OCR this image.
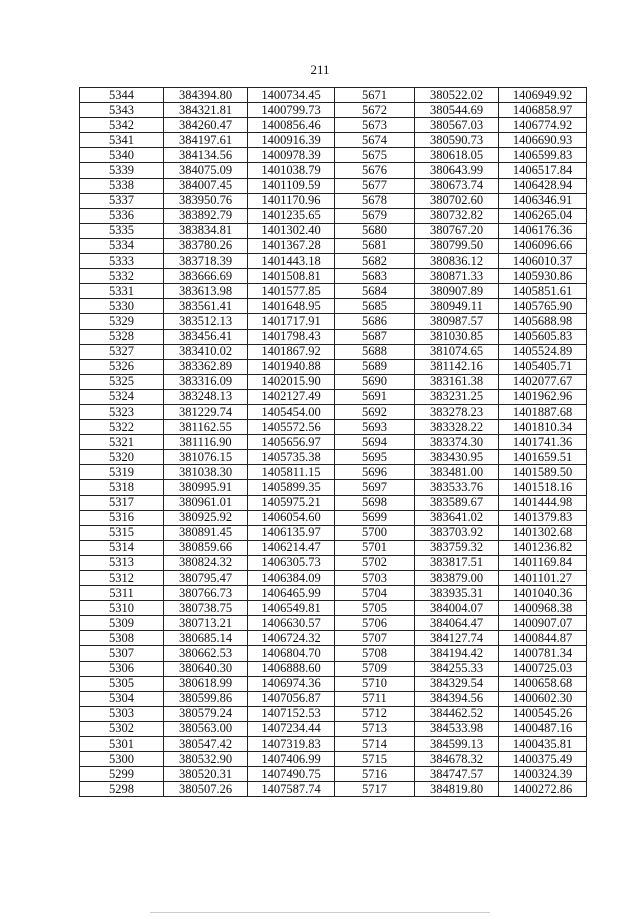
211
5344	384394.80	1400734.45	5671	380522.02	1406949.92
5343	384321.81	1400799.73	5672	380544.69	1406858.97
5342	384260.47	1400856.46	5673	380567.03	1406774.92
5341	384197.61	1400916.39	5674	380590.73	1406690.93
5340	384134.56	1400978.39	5675	380618.05	1406599.83
5339	384075.09	1401038.79	5676	380643.99	1406517.84
5338	384007.45	1401109.59	5677	380673.74	1406428.94
5337	383950.76	1401170.96	5678	380702.60	1406346.91
5336	383892.79	1401235.65	5679	380732.82	1406265.04
5335	383834.81	1401302.40	5680	380767.20	1406176.36
5334	383780.26	1401367.28	5681	380799.50	1406096.66
5333	383718.39	1401443.18	5682	380836.12	1406010.37
5332	383666.69	1401508.81	5683	380871.33	1405930.86
5331	383613.98	1401577.85	5684	380907.89	1405851.61
5330	383561.41	1401648.95	5685	380949.11	1405765.90
5329	383512.13	1401717.91	5686	380987.57	1405688.98
5328	383456.41	1401798.43	5687	381030.85	1405605.83
5327	383410.02	1401867.92	5688	381074.65	1405524.89
5326	383362.89	1401940.88	5689	381142.16	1405405.71
5325	383316.09	1402015.90	5690	383161.38	1402077.67
5324	383248.13	1402127.49	5691	383231.25	1401962.96
5323	381229.74	1405454.00	5692	383278.23	1401887.68
5322	381162.55	1405572.56	5693	383328.22	1401810.34
5321	381116.90	1405656.97	5694	383374.30	1401741.36
5320	381076.15	1405735.38	5695	383430.95	1401659.51
5319	381038.30	1405811.15	5696	383481.00	1401589.50
5318	380995.91	1405899.35	5697	383533.76	1401518.16
5317	380961.01	1405975.21	5698	383589.67	1401444.98
5316	380925.92	1406054.60	5699	383641.02	1401379.83
5315	380891.45	1406135.97	5700	383703.92	1401302.68
5314	380859.66	1406214.47	5701	383759.32	1401236.82
5313	380824.32	1406305.73	5702	383817.51	1401169.84
5312	380795.47	1406384.09	5703	383879.00	1401101.27
5311	380766.73	1406465.99	5704	383935.31	1401040.36
5310	380738.75	1406549.81	5705	384004.07	1400968.38
5309	380713.21	1406630.57	5706	384064.47	1400907.07
5308	380685.14	1406724.32	5707	384127.74	1400844.87
5307	380662.53	1406804.70	5708	384194.42	1400781.34
5306	380640.30	1406888.60	5709	384255.33	1400725.03
5305	380618.99	1406974.36	5710	384329.54	1400658.68
5304	380599.86	1407056.87	5711	384394.56	1400602.30
5303	380579.24	1407152.53	5712	384462.52	1400545.26
5302	380563.00	1407234.44	5713	384533.98	1400487.16
5301	380547.42	1407319.83	5714	384599.13	1400435.81
5300	380532.90	1407406.99	5715	384678.32	1400375.49
5299	380520.31	1407490.75	5716	384747.57	1400324.39
5298	380507.26	1407587.74	5717	384819.80	1400272.86
